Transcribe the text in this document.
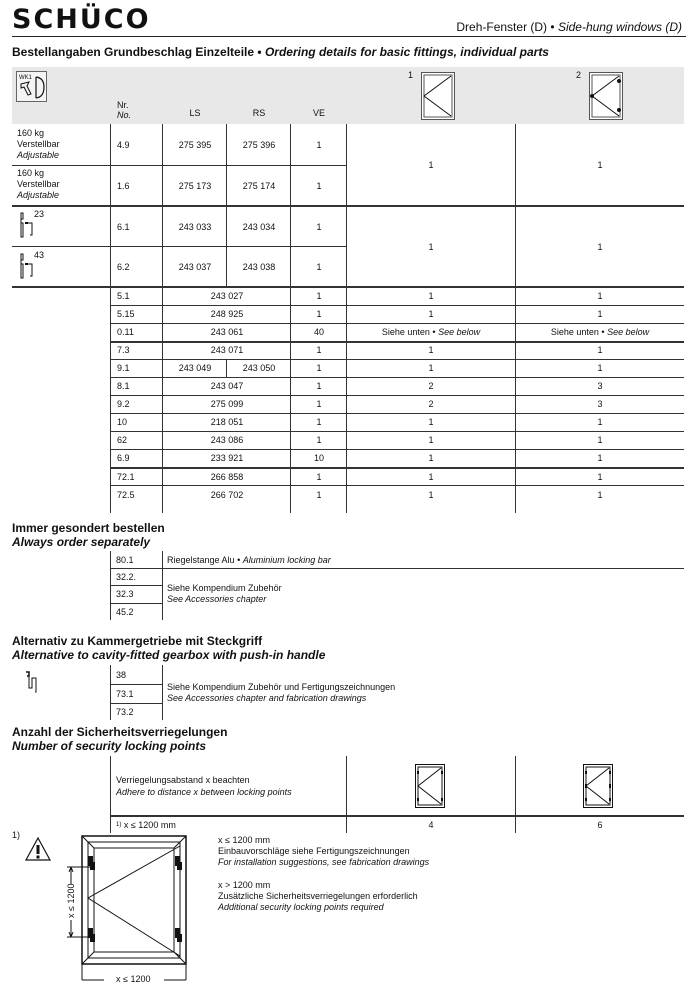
SCHÜCO	Dreh-Fenster (D) • Side-hung windows (D)
Bestellangaben Grundbeschlag Einzelteile • Ordering details for basic fittings, individual parts
WK1
Nr.
No.	LS	RS	VE
1	2
160 kg
Verstellbar
Adjustable
4.9	275 395	275 396	1
160 kg
Verstellbar
Adjustable
1.6	275 173	275 174	1
1	1
23
6.1	243 033	243 034	1
43
6.2	243 037	243 038	1
1	1
5.1	243 027	1	1	1
5.15	248 925	1	1	1
0.11	243 061	40	Siehe unten • See below	Siehe unten • See below
7.3	243 071	1	1	1
9.1	243 049	243 050	1	1	1
8.1	243 047	1	2	3
9.2	275 099	1	2	3
10	218 051	1	1	1
62	243 086	1	1	1
6.9	233 921	10	1	1
72.1	266 858	1	1	1
72.5	266 702	1	1	1
Immer gesondert bestellen
Always order separately
80.1	Riegelstange Alu • Aluminium locking bar
32.2.
32.3
45.2
Siehe Kompendium Zubehör
See Accessories chapter
Alternativ zu Kammergetriebe mit Steckgriff
Alternative to cavity-fitted gearbox with push-in handle
38
73.1
73.2
Siehe Kompendium Zubehör und Fertigungszeichnungen
See Accessories chapter and fabrication drawings
Anzahl der Sicherheitsverriegelungen
Number of security locking points
Verriegelungsabstand x beachten
Adhere to distance x between locking points
1)
x ≤ 1200 mm	4	6
1)
x ≤ 1200
x ≤ 1200
x ≤ 1200 mm
Einbauvorschläge siehe Fertigungszeichnungen
For installation suggestions, see fabrication drawings
x > 1200 mm
Zusätzliche Sicherheitsverriegelungen erforderlich
Additional security locking points required
